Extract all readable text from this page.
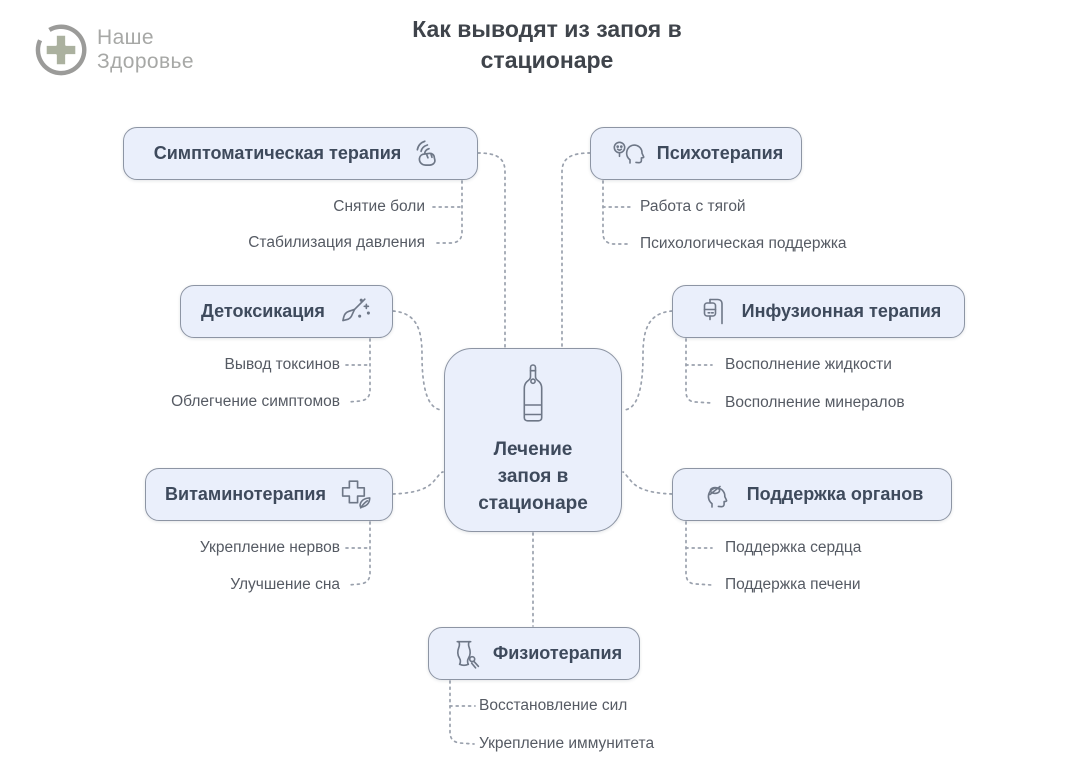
Наше
Здоровье
Как выводят из запоя в стационаре
Лечение запоя в стационаре
Симптоматическая терапия	Психотерапия
Детоксикация	Инфузионная терапия
Витаминотерапия	Поддержка органов
Физиотерапия
Снятие боли
Стабилизация давления
Вывод токсинов
Облегчение симптомов
Укрепление нервов
Улучшение сна
Работа с тягой
Психологическая поддержка
Восполнение жидкости
Восполнение минералов
Поддержка сердца
Поддержка печени
Восстановление сил
Укрепление иммунитета
